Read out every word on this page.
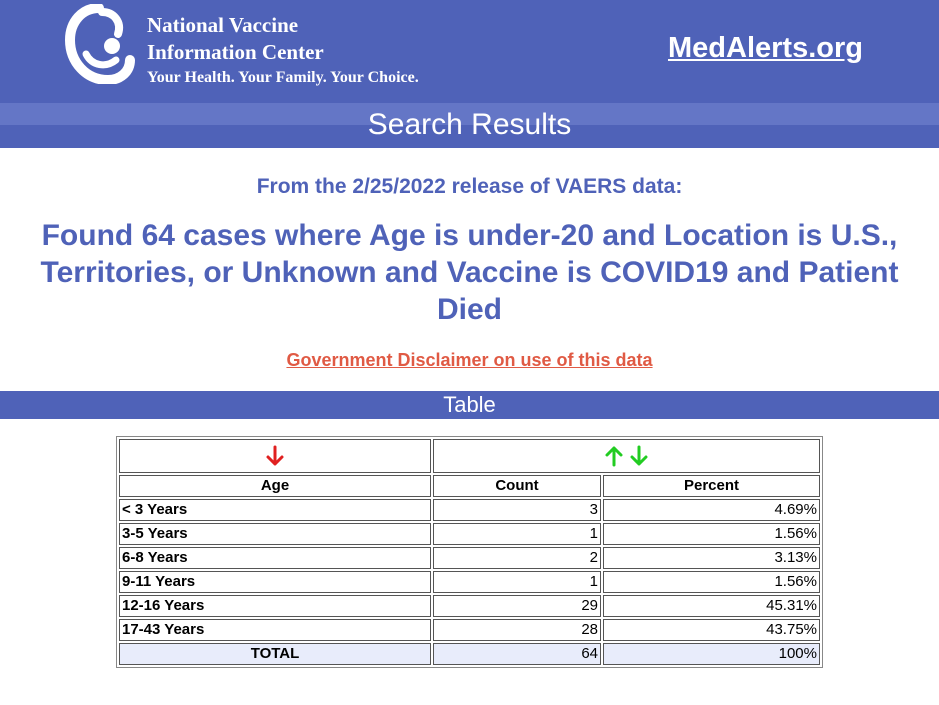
National Vaccine
Information Center
Your Health. Your Family. Your Choice.
MedAlerts.org
Search Results
From the 2/25/2022 release of VAERS data:
Found 64 cases where Age is under-20 and Location is U.S., Territories, or Unknown and Vaccine is COVID19 and Patient Died
Government Disclaimer on use of this data
Table

Age	Count	Percent
< 3 Years	3	4.69%
3-5 Years	1	1.56%
6-8 Years	2	3.13%
9-11 Years	1	1.56%
12-16 Years	29	45.31%
17-43 Years	28	43.75%
TOTAL	64	100%
